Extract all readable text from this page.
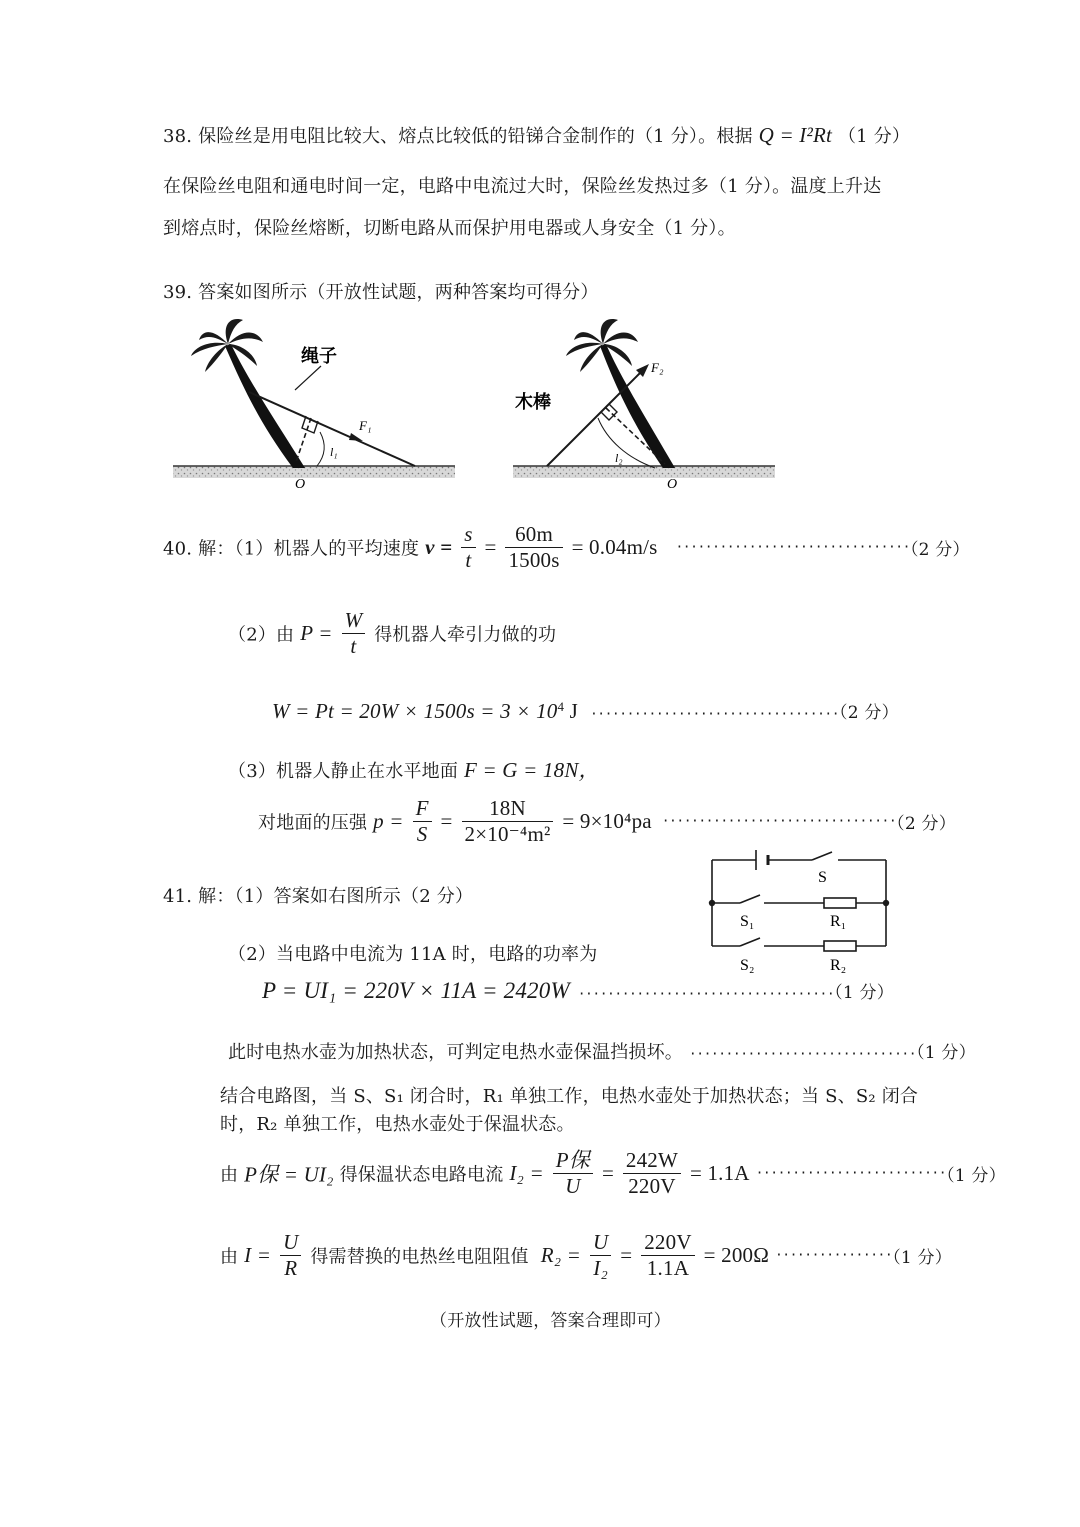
38. 保险丝是用电阻比较大、熔点比较低的铅锑合金制作的（1 分）。根据 Q = I²Rt （1 分）
在保险丝电阻和通电时间一定，电路中电流过大时，保险丝发热过多（1 分）。温度上升达
到熔点时，保险丝熔断，切断电路从而保护用电器或人身安全（1 分）。
39. 答案如图所示（开放性试题，两种答案均可得分）
绳子
F₁
l₁
O
木棒
F₂
l₂
O
40. 解：（1）机器人的平均速度 $v = \frac{s}{t} = \frac{60m}{1500s} = 0.04m/s \cdot\cdot\cdot\cdot\cdot\cdot\cdot\cdot\cdot\cdot\cdot\cdot\cdot\cdot\cdot\cdot\cdot\cdot\cdot\cdot\cdot\cdot\cdot\cdot\cdot\cdot\cdot\cdot\cdot\cdot\cdot\cdot(2$ 分）
（2）由 $P = \frac{W}{t}$ 得机器人牵引力做的功
$W = Pt = 20W \times 1500s = 3 \times 10^4$ J ··································（2 分）
（3）机器人静止在水平地面 F = G = 18N，
对地面的压强 $p = \frac{F}{S} = \frac{18N}{\text{2×10⁻⁴m²}} = 9\times 10^4pa \cdot\cdot\cdot\cdot\cdot\cdot\cdot\cdot\cdot\cdot\cdot\cdot\cdot\cdot\cdot\cdot\cdot\cdot\cdot\cdot\cdot\cdot\cdot\cdot\cdot\cdot\cdot\cdot\cdot\cdot\cdot\cdot(2$ 分）
41. 解：（1）答案如右图所示（2 分）
S
S₁	R₁
S₂	R₂
（2）当电路中电流为 11A 时，电路的功率为
P = UI₁ = 220V × 11A = 2420W ···································（1 分）
此时电热水壶为加热状态，可判定电热水壶保温挡损坏。 ·······························（1 分）
结合电路图，当 S、S₁ 闭合时，R₁ 单独工作，电热水壶处于加热状态；当 S、S₂ 闭合
时，R₂ 单独工作，电热水壶处于保温状态。
由 P保 = UI₂ 得保温状态电路电流 $I_2 = \frac{\text{P保}}{U} = \frac{242W}{220V} = 1.1A \cdot\cdot\cdot\cdot\cdot\cdot\cdot\cdot\cdot\cdot\cdot\cdot\cdot\cdot\cdot\cdot\cdot\cdot\cdot\cdot\cdot\cdot\cdot\cdot\cdot\cdot(1$ 分）
由 $I = \frac{U}{R}$ 得需替换的电热丝电阻阻值 $R_2 = \frac{U}{\text{I₂}} = \frac{220V}{1.1A} = 200\Omega \cdot\cdot\cdot\cdot\cdot\cdot\cdot\cdot\cdot\cdot\cdot\cdot\cdot\cdot\cdot\cdot(1$ 分）
（开放性试题，答案合理即可）
